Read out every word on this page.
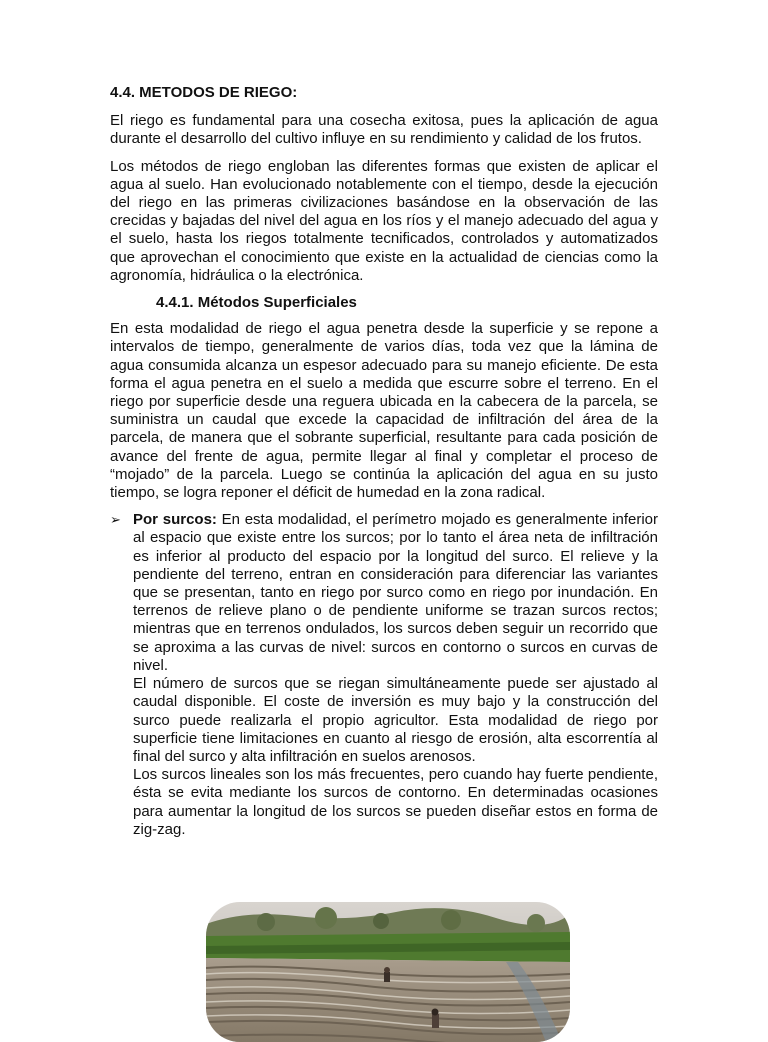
4.4. METODOS DE RIEGO:

El riego es fundamental para una cosecha exitosa, pues la aplicación de agua durante el desarrollo del cultivo influye en su rendimiento y calidad de los frutos.

Los métodos de riego engloban las diferentes formas que existen de aplicar el agua al suelo. Han evolucionado notablemente con el tiempo, desde la ejecución del riego en las primeras civilizaciones basándose en la observación de las crecidas y bajadas del nivel del agua en los ríos y el manejo adecuado del agua y el suelo, hasta los riegos totalmente tecnificados, controlados y automatizados que aprovechan el conocimiento que existe en la actualidad de ciencias como la agronomía, hidráulica o la electrónica.

4.4.1. Métodos Superficiales

En esta modalidad de riego el agua penetra desde la superficie y se repone a intervalos de tiempo, generalmente de varios días, toda vez que la lámina de agua consumida alcanza un espesor adecuado para su manejo eficiente. De esta forma el agua penetra en el suelo a medida que escurre sobre el terreno. En el riego por superficie desde una reguera ubicada en la cabecera de la parcela, se suministra un caudal que excede la capacidad de infiltración del área de la parcela, de manera que el sobrante superficial, resultante para cada posición de avance del frente de agua, permite llegar al final y completar el proceso de “mojado” de la parcela. Luego se continúa la aplicación del agua en su justo tiempo, se logra reponer el déficit de humedad en la zona radical.

➢ Por surcos: En esta modalidad, el perímetro mojado es generalmente inferior al espacio que existe entre los surcos; por lo tanto el área neta de infiltración es inferior al producto del espacio por la longitud del surco. El relieve y la pendiente del terreno, entran en consideración para diferenciar las variantes que se presentan, tanto en riego por surco como en riego por inundación. En terrenos de relieve plano o de pendiente uniforme se trazan surcos rectos; mientras que en terrenos ondulados, los surcos deben seguir un recorrido que se aproxima a las curvas de nivel: surcos en contorno o surcos en curvas de nivel.

El número de surcos que se riegan simultáneamente puede ser ajustado al caudal disponible. El coste de inversión es muy bajo y la construcción del surco puede realizarla el propio agricultor. Esta modalidad de riego por superficie tiene limitaciones en cuanto al riesgo de erosión, alta escorrentía al final del surco y alta infiltración en suelos arenosos.

Los surcos lineales son los más frecuentes, pero cuando hay fuerte pendiente, ésta se evita mediante los surcos de contorno. En determinadas ocasiones para aumentar la longitud de los surcos se pueden diseñar estos en forma de zig-zag.
